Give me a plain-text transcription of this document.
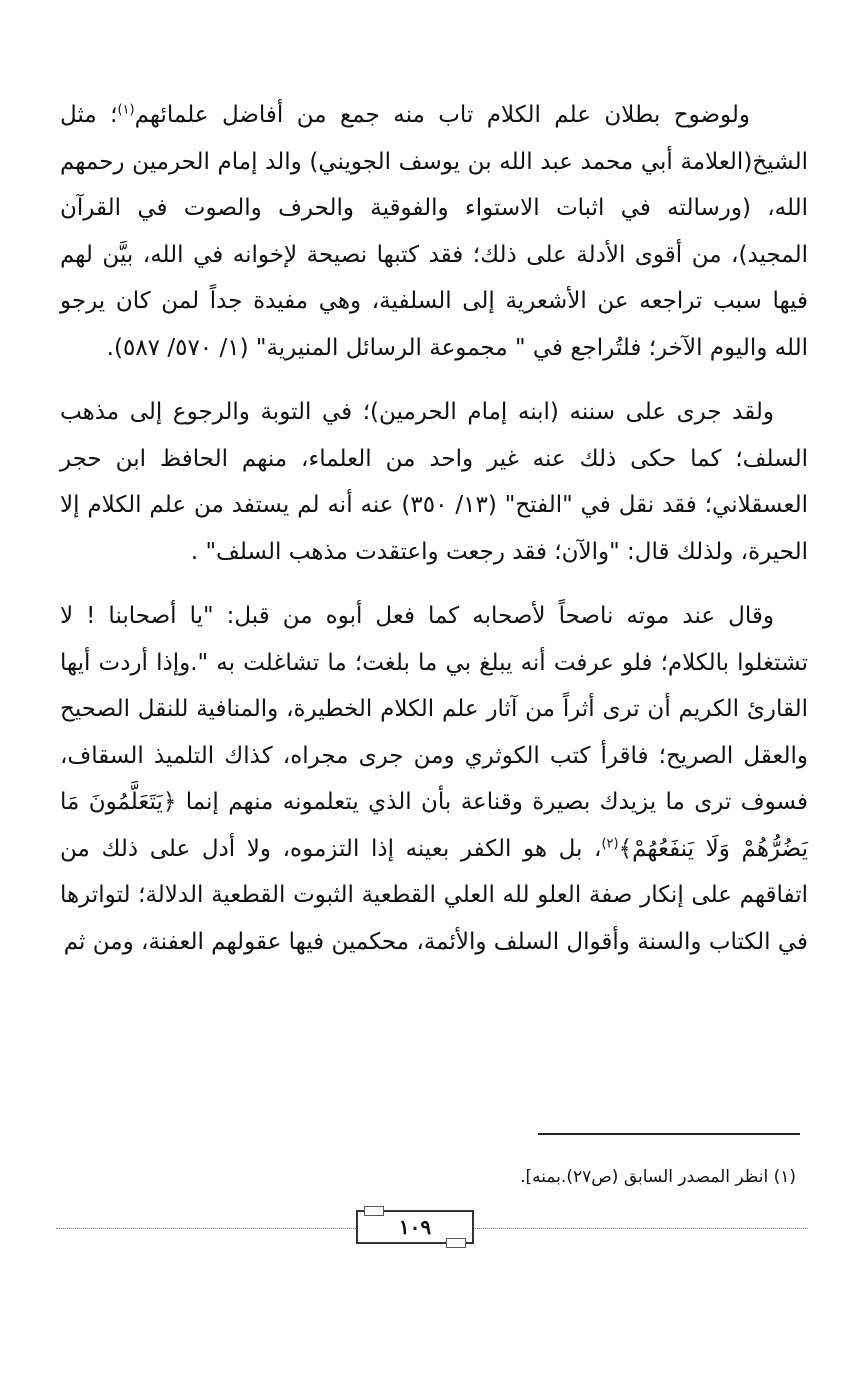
ولوضوح بطلان علم الكلام تاب منه جمع من أفاضل علمائهم$^{(١)}$؛ مثل الشيخ(العلامة أبي محمد عبد الله بن يوسف الجويني) والد إمام الحرمين رحمهم الله، (ورسالته في اثبات الاستواء والفوقية والحرف والصوت في القرآن المجيد)، من أقوى الأدلة على ذلك؛ فقد كتبها نصيحة لإخوانه في الله، بيَّن لهم فيها سبب تراجعه عن الأشعرية إلى السلفية، وهي مفيدة جداً لمن كان يرجو الله واليوم الآخر؛ فلتُراجع في " مجموعة الرسائل المنيرية" (١/ ٥٧٠/ ٥٨٧).

ولقد جرى على سننه (ابنه إمام الحرمين)؛ في التوبة والرجوع إلى مذهب السلف؛ كما حكى ذلك عنه غير واحد من العلماء، منهم الحافظ ابن حجر العسقلاني؛ فقد نقل في "الفتح" (١٣/ ٣٥٠) عنه أنه لم يستفد من علم الكلام إلا الحيرة، ولذلك قال: "والآن؛ فقد رجعت واعتقدت مذهب السلف" .

وقال عند موته ناصحاً لأصحابه كما فعل أبوه من قبل: "يا أصحابنا ! لا تشتغلوا بالكلام؛ فلو عرفت أنه يبلغ بي ما بلغت؛ ما تشاغلت به ".وإذا أردت أيها القارئ الكريم أن ترى أثراً من آثار علم الكلام الخطيرة، والمنافية للنقل الصحيح والعقل الصريح؛ فاقرأ كتب الكوثري ومن جرى مجراه، كذاك التلميذ السقاف، فسوف ترى ما يزيدك بصيرة وقناعة بأن الذي يتعلمونه منهم إنما ﴿يَتَعَلَّمُونَ مَا يَضُرُّهُمْ وَلَا يَنفَعُهُمْ﴾$^{(٢)}$، بل هو الكفر بعينه إذا التزموه، ولا أدل على ذلك من اتفاقهم على إنكار صفة العلو لله العلي القطعية الثبوت القطعية الدلالة؛ لتواترها في الكتاب والسنة وأقوال السلف والأئمة، محكمين فيها عقولهم العفنة، ومن ثم

(١) انظر المصدر السابق (ص٢٧).بمنه].
١٠٩
